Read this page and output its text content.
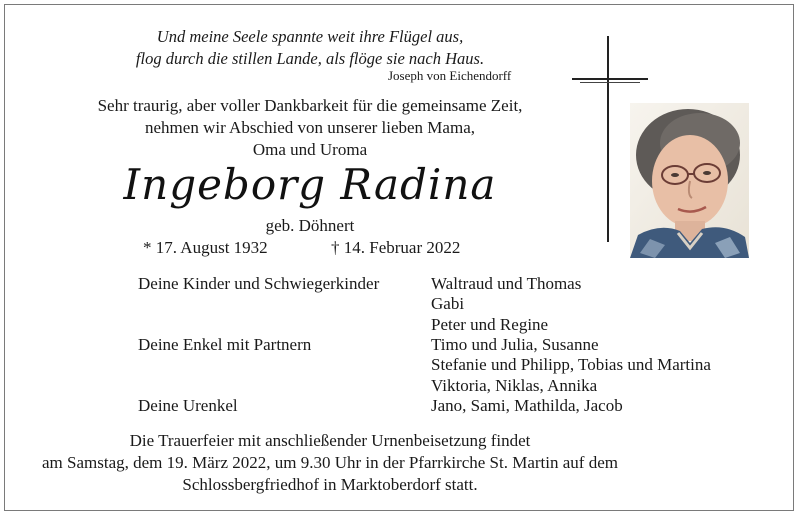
Und meine Seele spannte weit ihre Flügel aus,
flog durch die stillen Lande, als flöge sie nach Haus.
Joseph von Eichendorff
Sehr traurig, aber voller Dankbarkeit für die gemeinsame Zeit,
nehmen wir Abschied von unserer lieben Mama,
Oma und Uroma
Ingeborg Radina
geb. Döhnert
* 17. August 1932	† 14. Februar 2022
Deine Kinder und Schwiegerkinder
Deine Enkel mit Partnern
Deine Urenkel
Waltraud und Thomas
Gabi
Peter und Regine
Timo und Julia, Susanne
Stefanie und Philipp, Tobias und Martina
Viktoria, Niklas, Annika
Jano, Sami, Mathilda, Jacob
Die Trauerfeier mit anschließender Urnenbeisetzung findet
am Samstag, dem 19. März 2022, um 9.30 Uhr in der Pfarrkirche St. Martin auf dem
Schlossbergfriedhof in Marktoberdorf statt.
